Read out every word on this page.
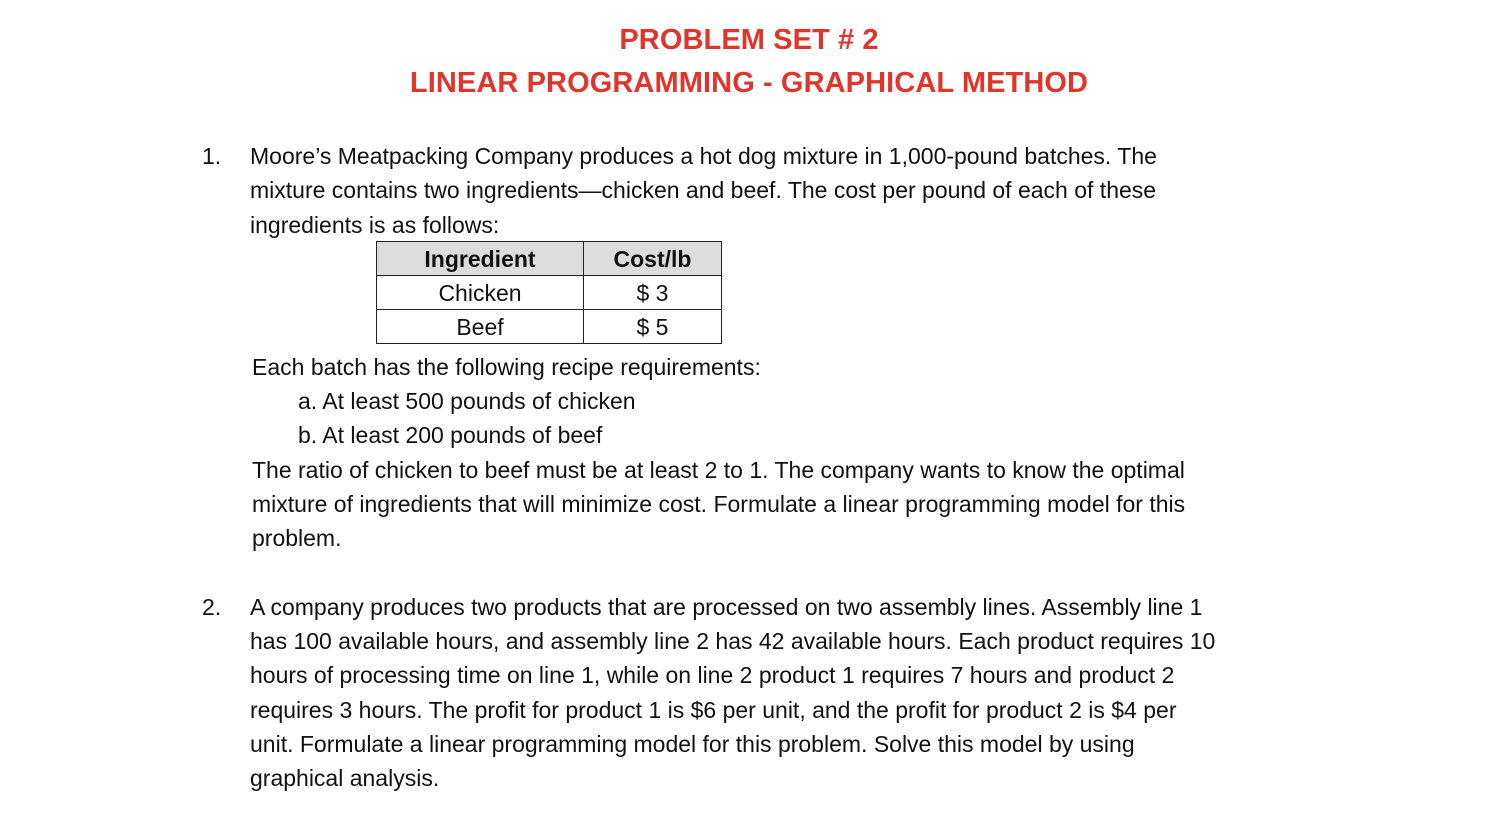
PROBLEM SET # 2
LINEAR PROGRAMMING - GRAPHICAL METHOD
1. Moore’s Meatpacking Company produces a hot dog mixture in 1,000-pound batches. The
mixture contains two ingredients—chicken and beef. The cost per pound of each of these
ingredients is as follows:
Ingredient	Cost/lb
Chicken	$ 3
Beef	$ 5
Each batch has the following recipe requirements:
a. At least 500 pounds of chicken
b. At least 200 pounds of beef
The ratio of chicken to beef must be at least 2 to 1. The company wants to know the optimal
mixture of ingredients that will minimize cost. Formulate a linear programming model for this
problem.
2. A company produces two products that are processed on two assembly lines. Assembly line 1
has 100 available hours, and assembly line 2 has 42 available hours. Each product requires 10
hours of processing time on line 1, while on line 2 product 1 requires 7 hours and product 2
requires 3 hours. The profit for product 1 is $6 per unit, and the profit for product 2 is $4 per
unit. Formulate a linear programming model for this problem. Solve this model by using
graphical analysis.
